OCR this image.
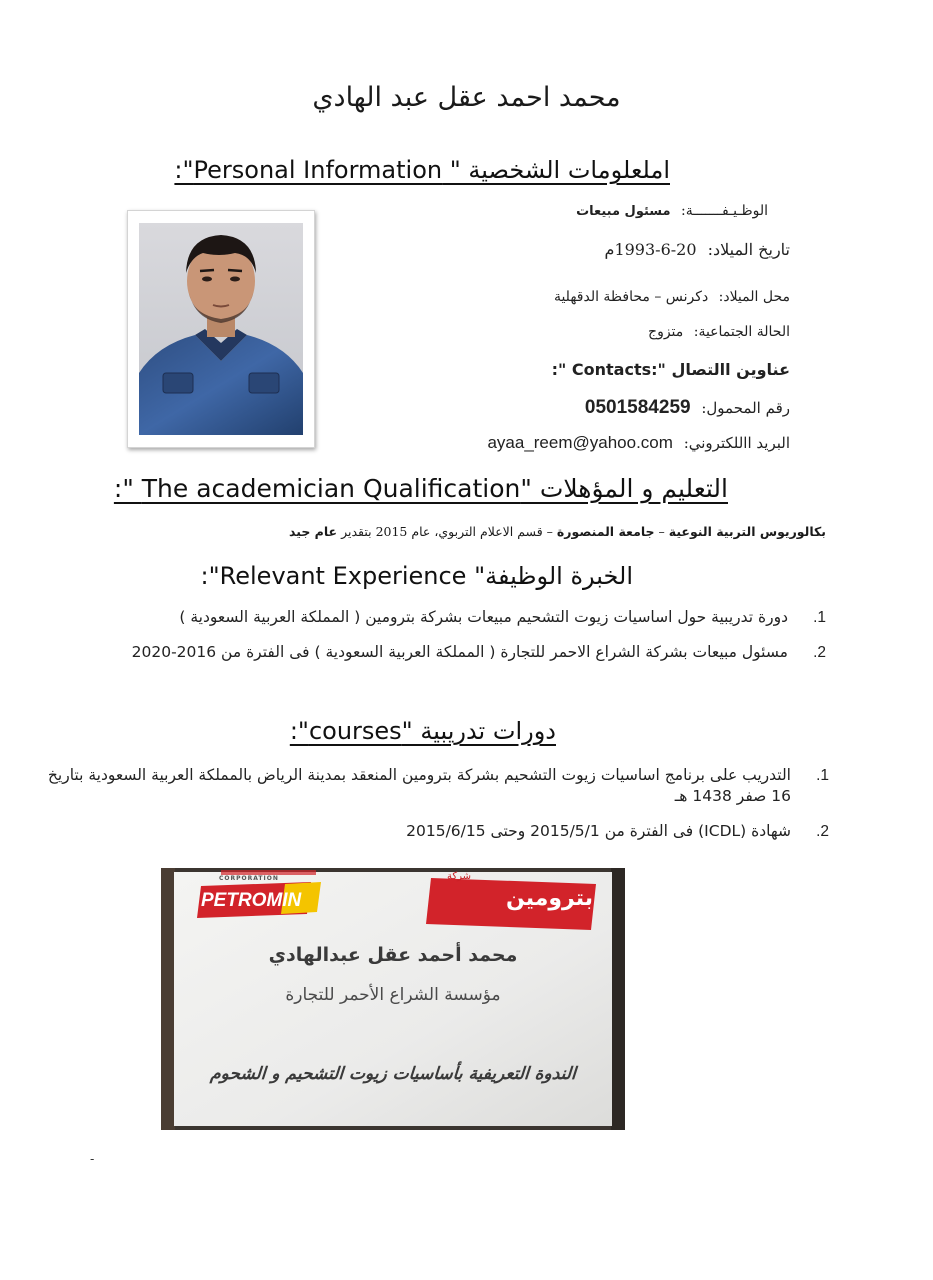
محمد احمد عقل عبد الهادي
املعلومات الشخصية " Personal Information":
الوظـيـفـــــــة: مسئول مبيعات
تاريخ الميلاد: 20-6-1993م
محل الميلاد: دكرنس – محافظة الدقهلية
الحالة الجتماعية: متزوج
عناوين االتصال ":Contacts ":
رقم المحمول: 0501584259
البريد االلكتروني: ayaa_reem@yahoo.com
التعليم و المؤهلات "The academician Qualification ":
بكالوريوس التربية النوعية – جامعة المنصورة – قسم الاعلام التربوي، عام 2015 بتقدير عام جيد
الخبرة الوظيفة" Relevant Experience":
1.
دورة تدريبية حول اساسيات زيوت التشحيم مبيعات بشركة بترومين ( المملكة العربية السعودية )
2.
مسئول مبيعات بشركة الشراع الاحمر للتجارة ( المملكة العربية السعودية ) فى الفترة من 2016-2020
دورات تدريبية "courses":
1.
التدريب على برنامج اساسيات زيوت التشحيم بشركة بترومين المنعقد بمدينة الرياض بالمملكة العربية السعودية بتاريخ 16 صفر 1438 هـ
2.
شهادة (ICDL) فى الفترة من 2015/5/1 وحتى 2015/6/15
CORPORATION
PETROMIN
شركة
بترومين
محمد أحمد عقل عبدالهادي
مؤسسة الشراع الأحمر للتجارة
الندوة التعريفية بأساسيات زيوت التشحيم و الشحوم
-
